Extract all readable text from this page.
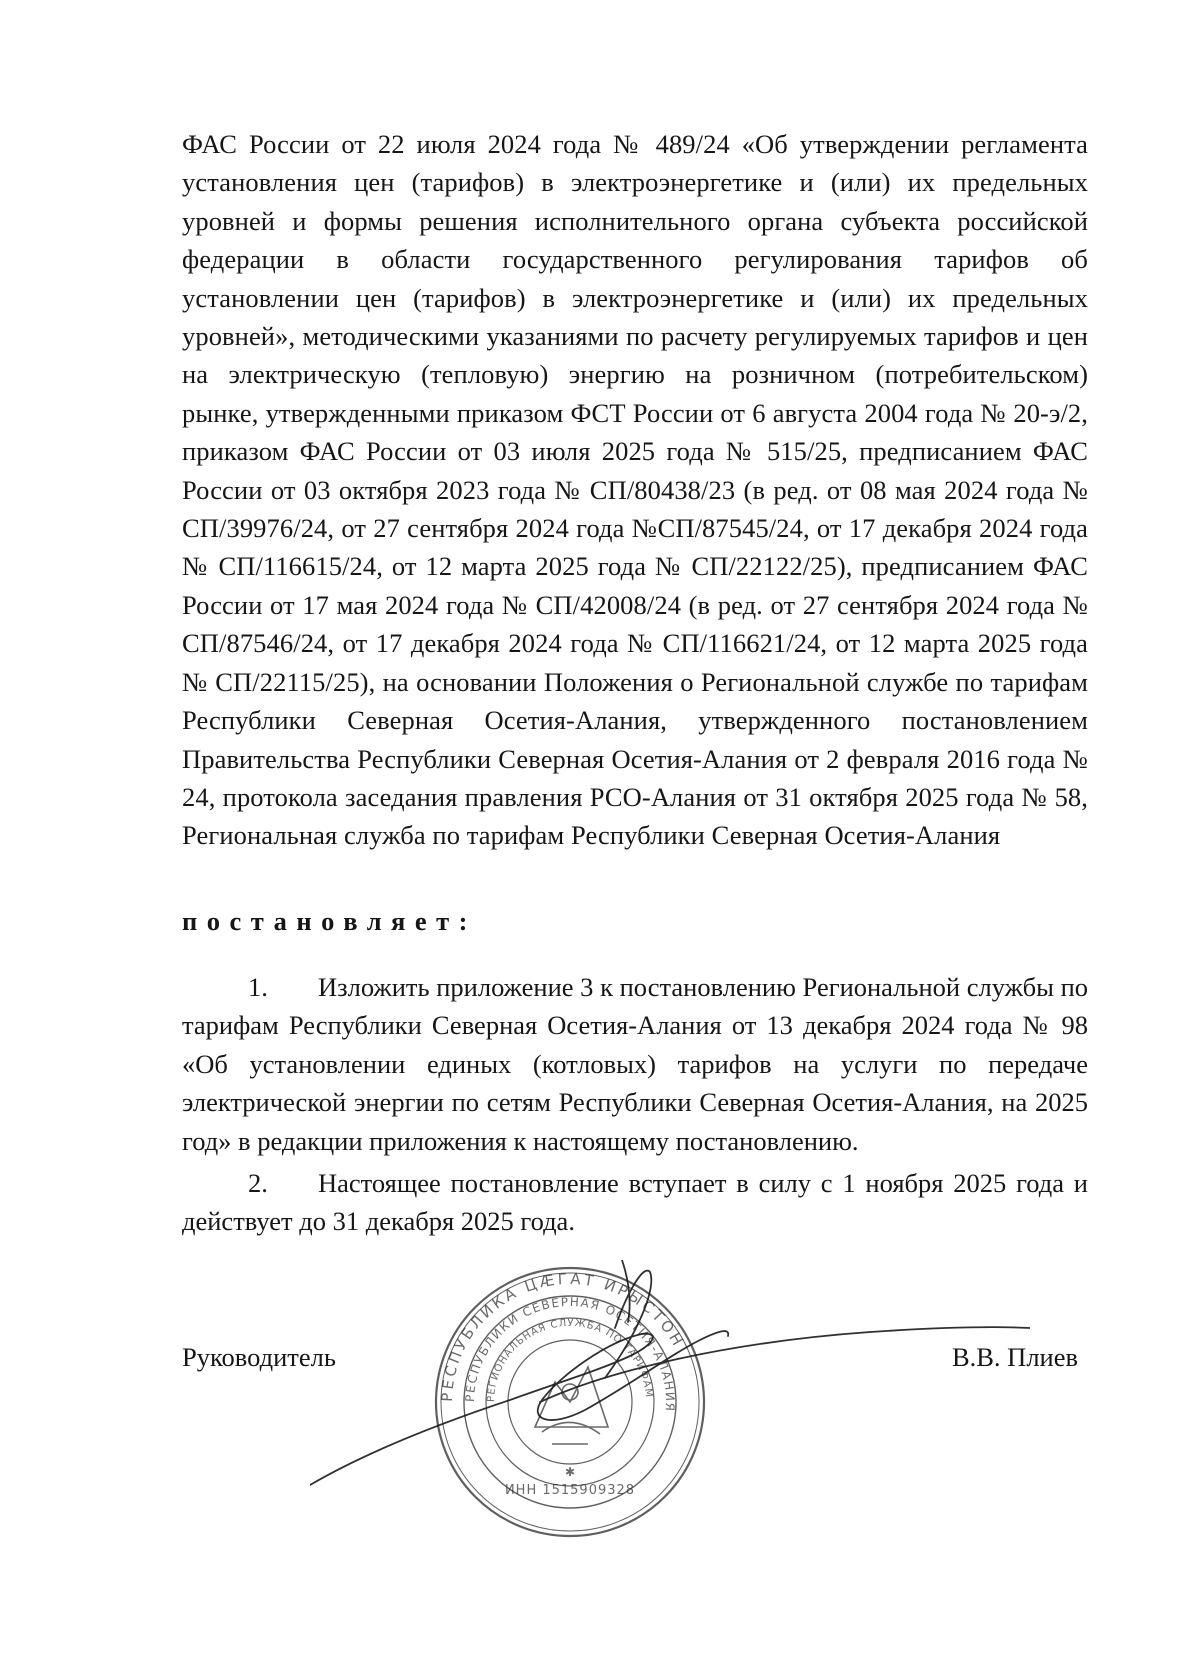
ФАС России от 22 июля 2024 года № 489/24 «Об утверждении регламента установления цен (тарифов) в электроэнергетике и (или) их предельных уровней и формы решения исполнительного органа субъекта российской федерации в области государственного регулирования тарифов об установлении цен (тарифов) в электроэнергетике и (или) их предельных уровней», методическими указаниями по расчету регулируемых тарифов и цен на электрическую (тепловую) энергию на розничном (потребительском) рынке, утвержденными приказом ФСТ России от 6 августа 2004 года № 20-э/2, приказом ФАС России от 03 июля 2025 года № 515/25, предписанием ФАС России от 03 октября 2023 года № СП/80438/23 (в ред. от 08 мая 2024 года № СП/39976/24, от 27 сентября 2024 года №СП/87545/24, от 17 декабря 2024 года № СП/116615/24, от 12 марта 2025 года № СП/22122/25), предписанием ФАС России от 17 мая 2024 года № СП/42008/24 (в ред. от 27 сентября 2024 года № СП/87546/24, от 17 декабря 2024 года № СП/116621/24, от 12 марта 2025 года № СП/22115/25), на основании Положения о Региональной службе по тарифам Республики Северная Осетия-Алания, утвержденного постановлением Правительства Республики Северная Осетия-Алания от 2 февраля 2016 года № 24, протокола заседания правления РСО-Алания от 31 октября 2025 года № 58, Региональная служба по тарифам Республики Северная Осетия-Алания

постановляет:

1. Изложить приложение 3 к постановлению Региональной службы по тарифам Республики Северная Осетия-Алания от 13 декабря 2024 года № 98 «Об установлении единых (котловых) тарифов на услуги по передаче электрической энергии по сетям Республики Северная Осетия-Алания, на 2025 год» в редакции приложения к настоящему постановлению.

2. Настоящее постановление вступает в силу с 1 ноября 2025 года и действует до 31 декабря 2025 года.

Руководитель	В.В. Плиев
РЕСПУБЛИКА ЦÆГАТ ИРЫСТОН
РЕСПУБЛИКИ СЕВЕРНАЯ ОСЕТИЯ-АЛАНИЯ
РЕГИОНАЛЬНАЯ СЛУЖБА ПО ТАРИФАМ
ИНН 1515909328
✱
